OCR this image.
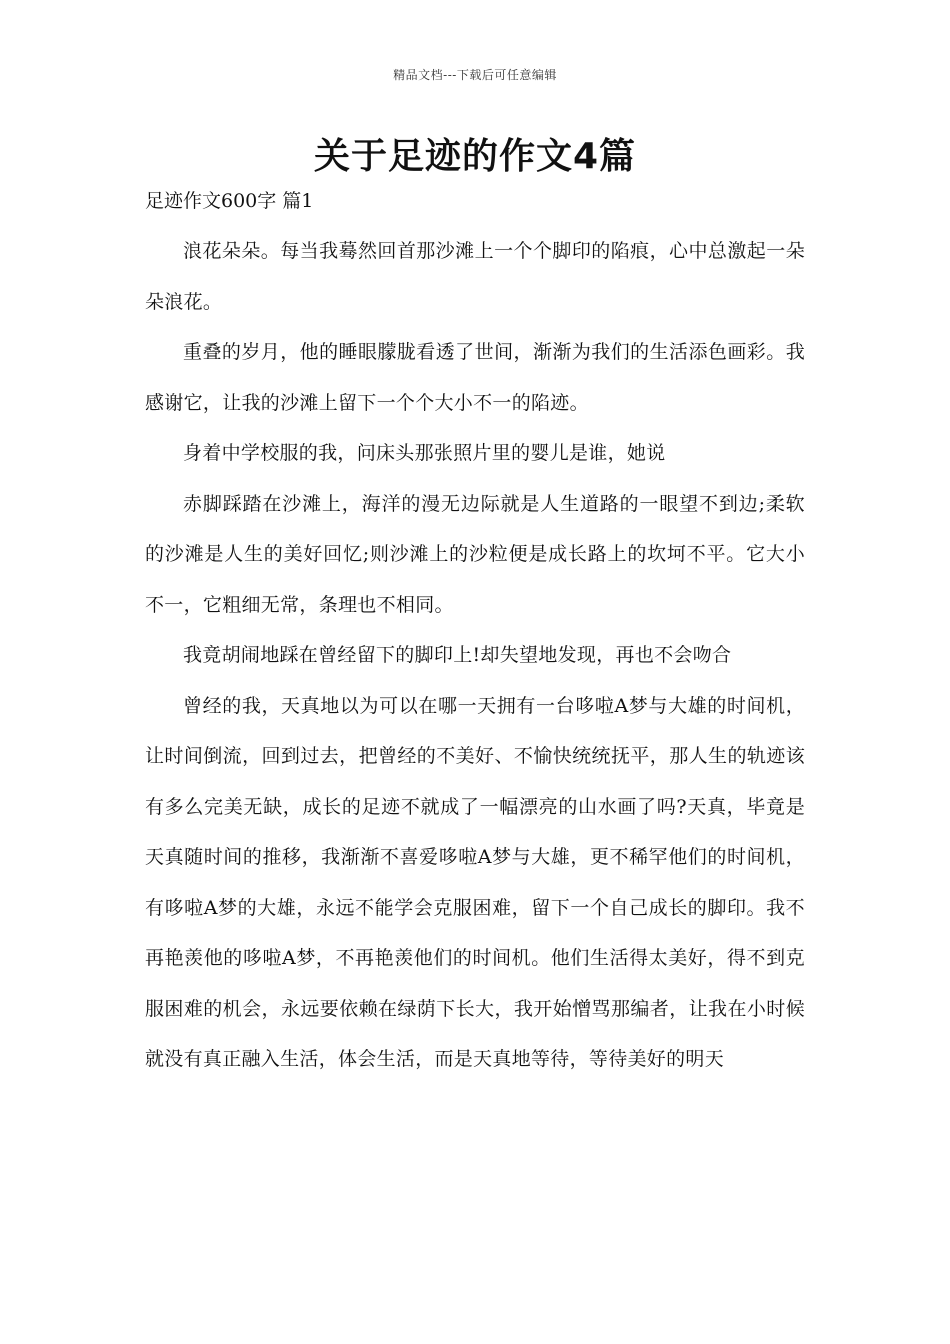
精品文档---下载后可任意编辑
关于足迹的作文4篇
足迹作文600字 篇1

浪花朵朵。每当我蓦然回首那沙滩上一个个脚印的陷痕，心中总激起一朵朵浪花。

重叠的岁月，他的睡眼朦胧看透了世间，渐渐为我们的生活添色画彩。我感谢它，让我的沙滩上留下一个个大小不一的陷迹。

身着中学校服的我，问床头那张照片里的婴儿是谁，她说

赤脚踩踏在沙滩上，海洋的漫无边际就是人生道路的一眼望不到边;柔软的沙滩是人生的美好回忆;则沙滩上的沙粒便是成长路上的坎坷不平。它大小不一，它粗细无常，条理也不相同。

我竟胡闹地踩在曾经留下的脚印上!却失望地发现，再也不会吻合

曾经的我，天真地以为可以在哪一天拥有一台哆啦A梦与大雄的时间机，让时间倒流，回到过去，把曾经的不美好、不愉快统统抚平，那人生的轨迹该有多么完美无缺，成长的足迹不就成了一幅漂亮的山水画了吗?天真，毕竟是天真随时间的推移，我渐渐不喜爱哆啦A梦与大雄，更不稀罕他们的时间机，有哆啦A梦的大雄，永远不能学会克服困难，留下一个自己成长的脚印。我不再艳羡他的哆啦A梦，不再艳羡他们的时间机。他们生活得太美好，得不到克服困难的机会，永远要依赖在绿荫下长大，我开始憎骂那编者，让我在小时候就没有真正融入生活，体会生活，而是天真地等待，等待美好的明天
